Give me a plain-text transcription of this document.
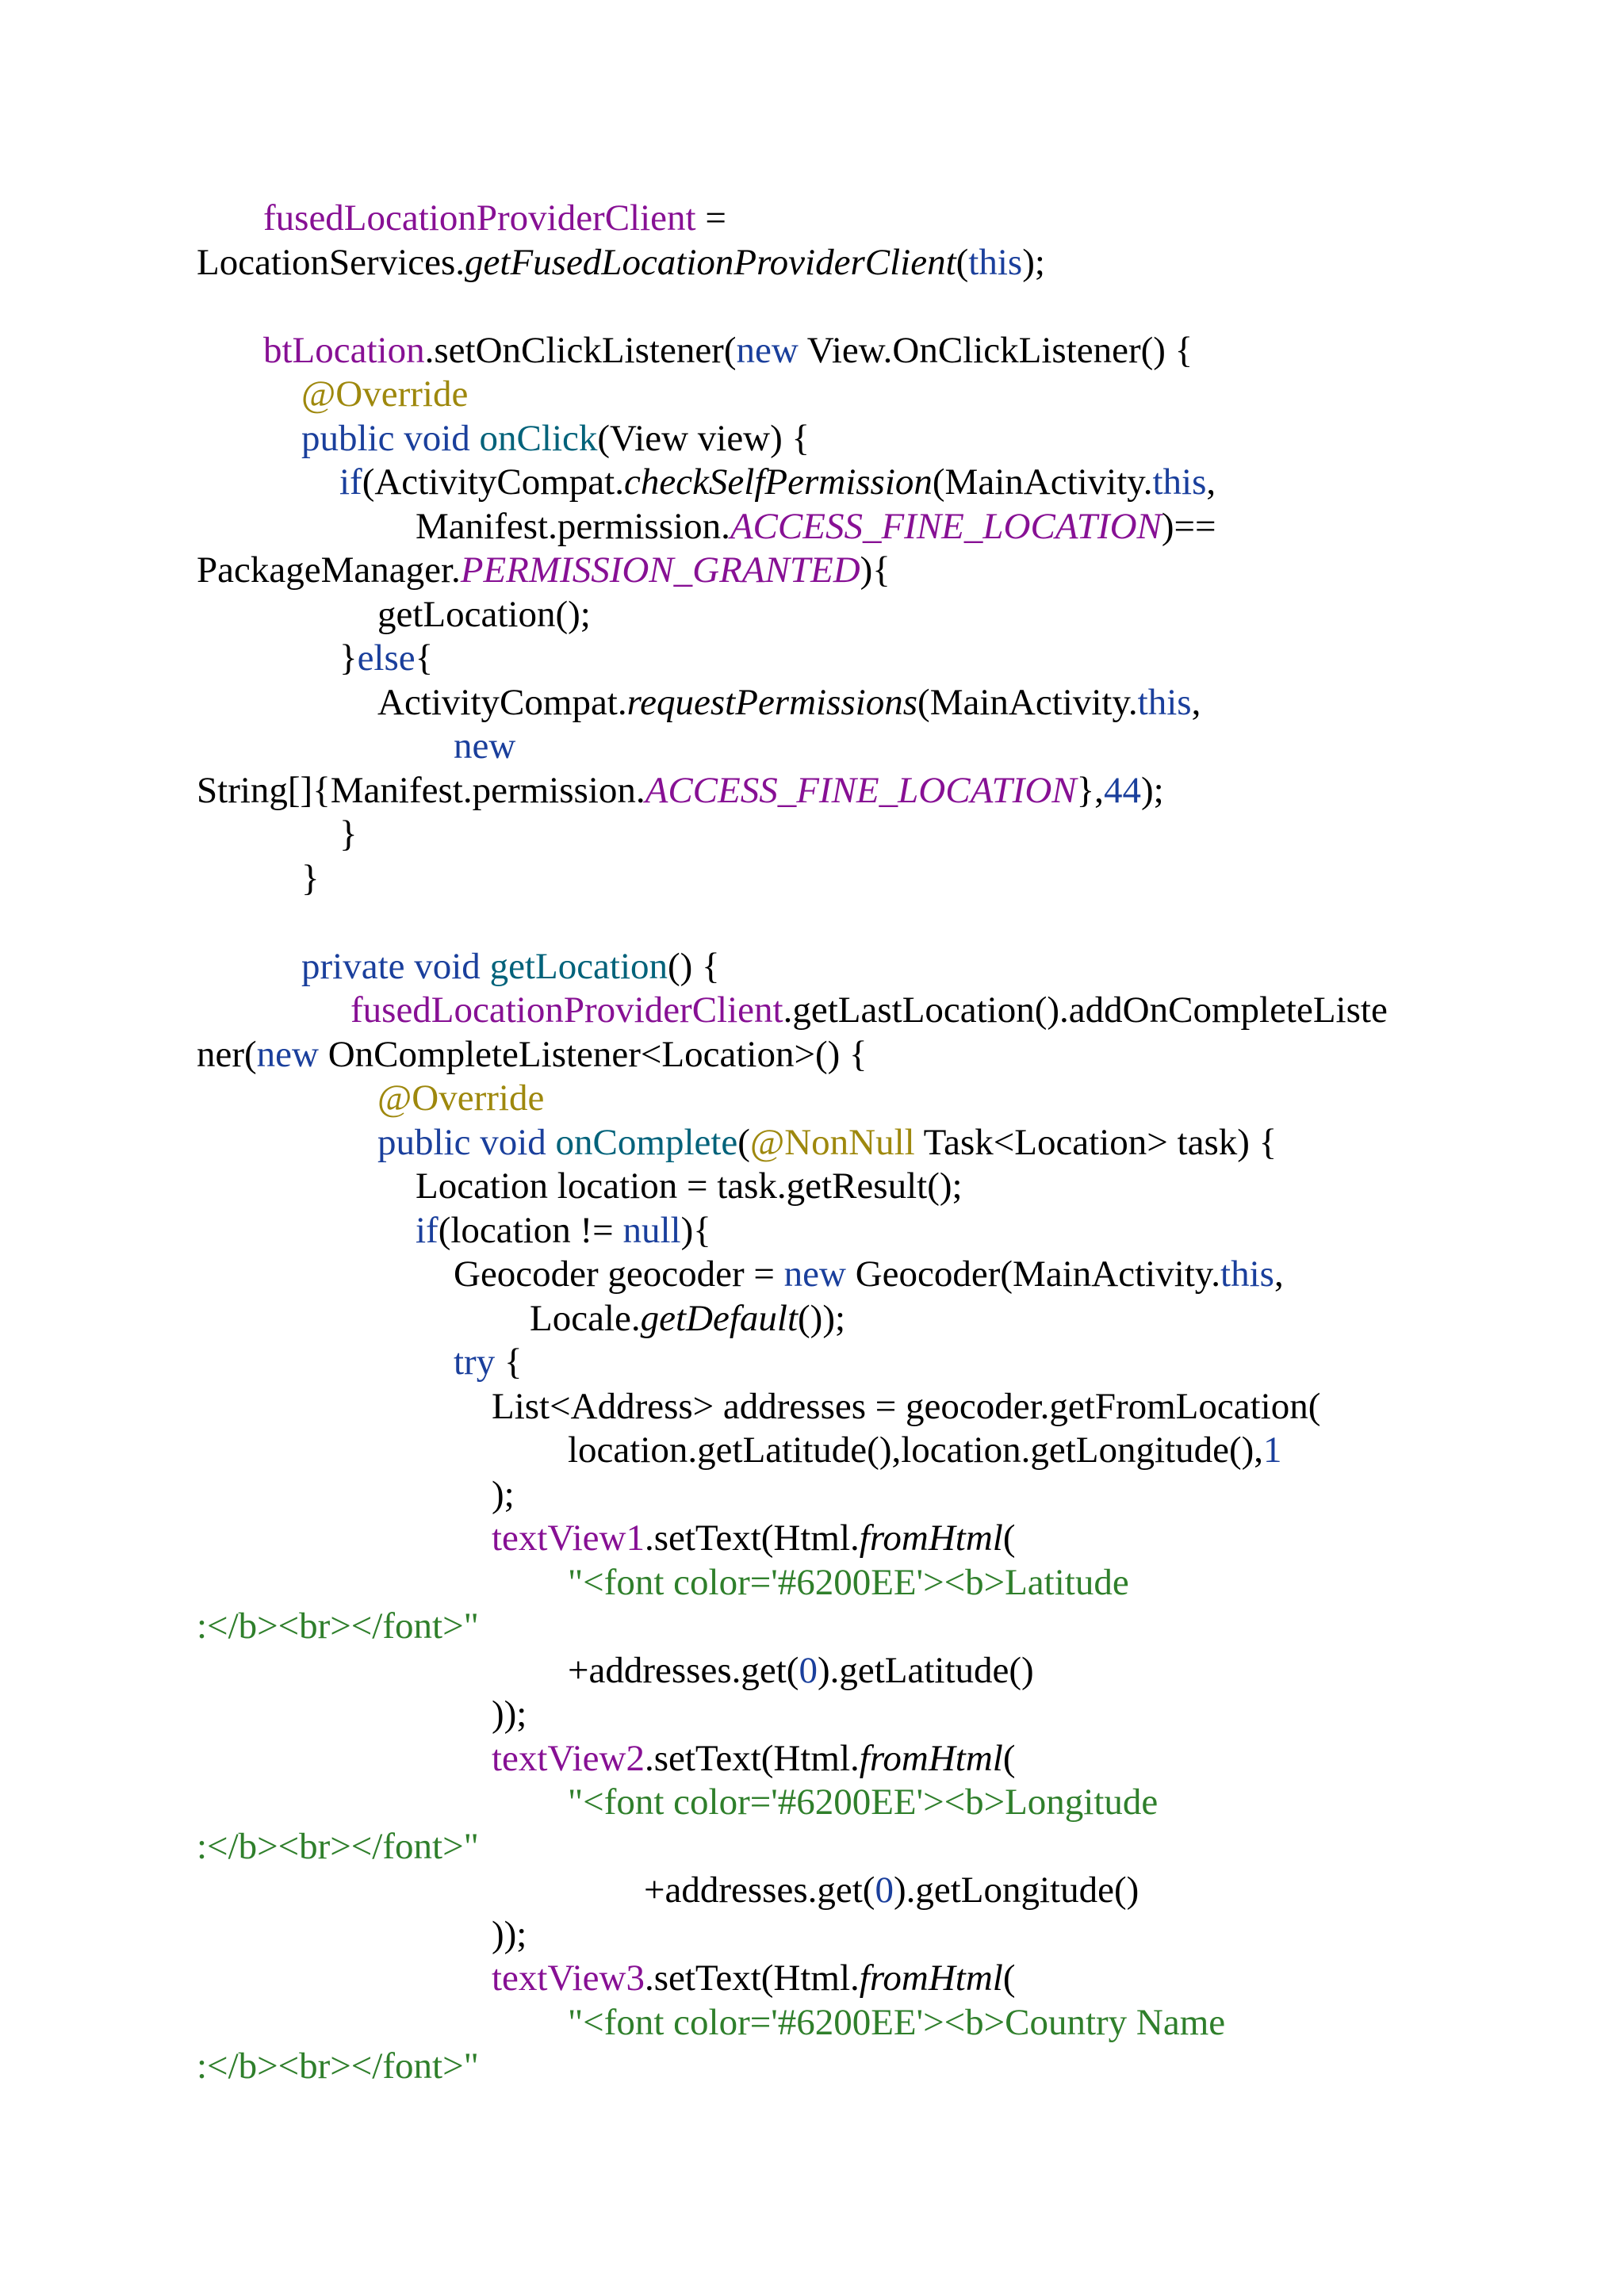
fusedLocationProviderClient =
LocationServices.getFusedLocationProviderClient(this);
btLocation.setOnClickListener(new View.OnClickListener() {
@Override
public void onClick(View view) {
if(ActivityCompat.checkSelfPermission(MainActivity.this,
Manifest.permission.ACCESS_FINE_LOCATION)==
PackageManager.PERMISSION_GRANTED){
getLocation();
}else{
ActivityCompat.requestPermissions(MainActivity.this,
new
String[]{Manifest.permission.ACCESS_FINE_LOCATION},44);
}
}
private void getLocation() {
fusedLocationProviderClient.getLastLocation().addOnCompleteListe
ner(new OnCompleteListener<Location>() {
@Override
public void onComplete(@NonNull Task<Location> task) {
Location location = task.getResult();
if(location != null){
Geocoder geocoder = new Geocoder(MainActivity.this,
Locale.getDefault());
try {
List<Address> addresses = geocoder.getFromLocation(
location.getLatitude(),location.getLongitude(),1
);
textView1.setText(Html.fromHtml(
"<font color='#6200EE'><b>Latitude
:</b><br></font>"
+addresses.get(0).getLatitude()
));
textView2.setText(Html.fromHtml(
"<font color='#6200EE'><b>Longitude
:</b><br></font>"
+addresses.get(0).getLongitude()
));
textView3.setText(Html.fromHtml(
"<font color='#6200EE'><b>Country Name
:</b><br></font>"
